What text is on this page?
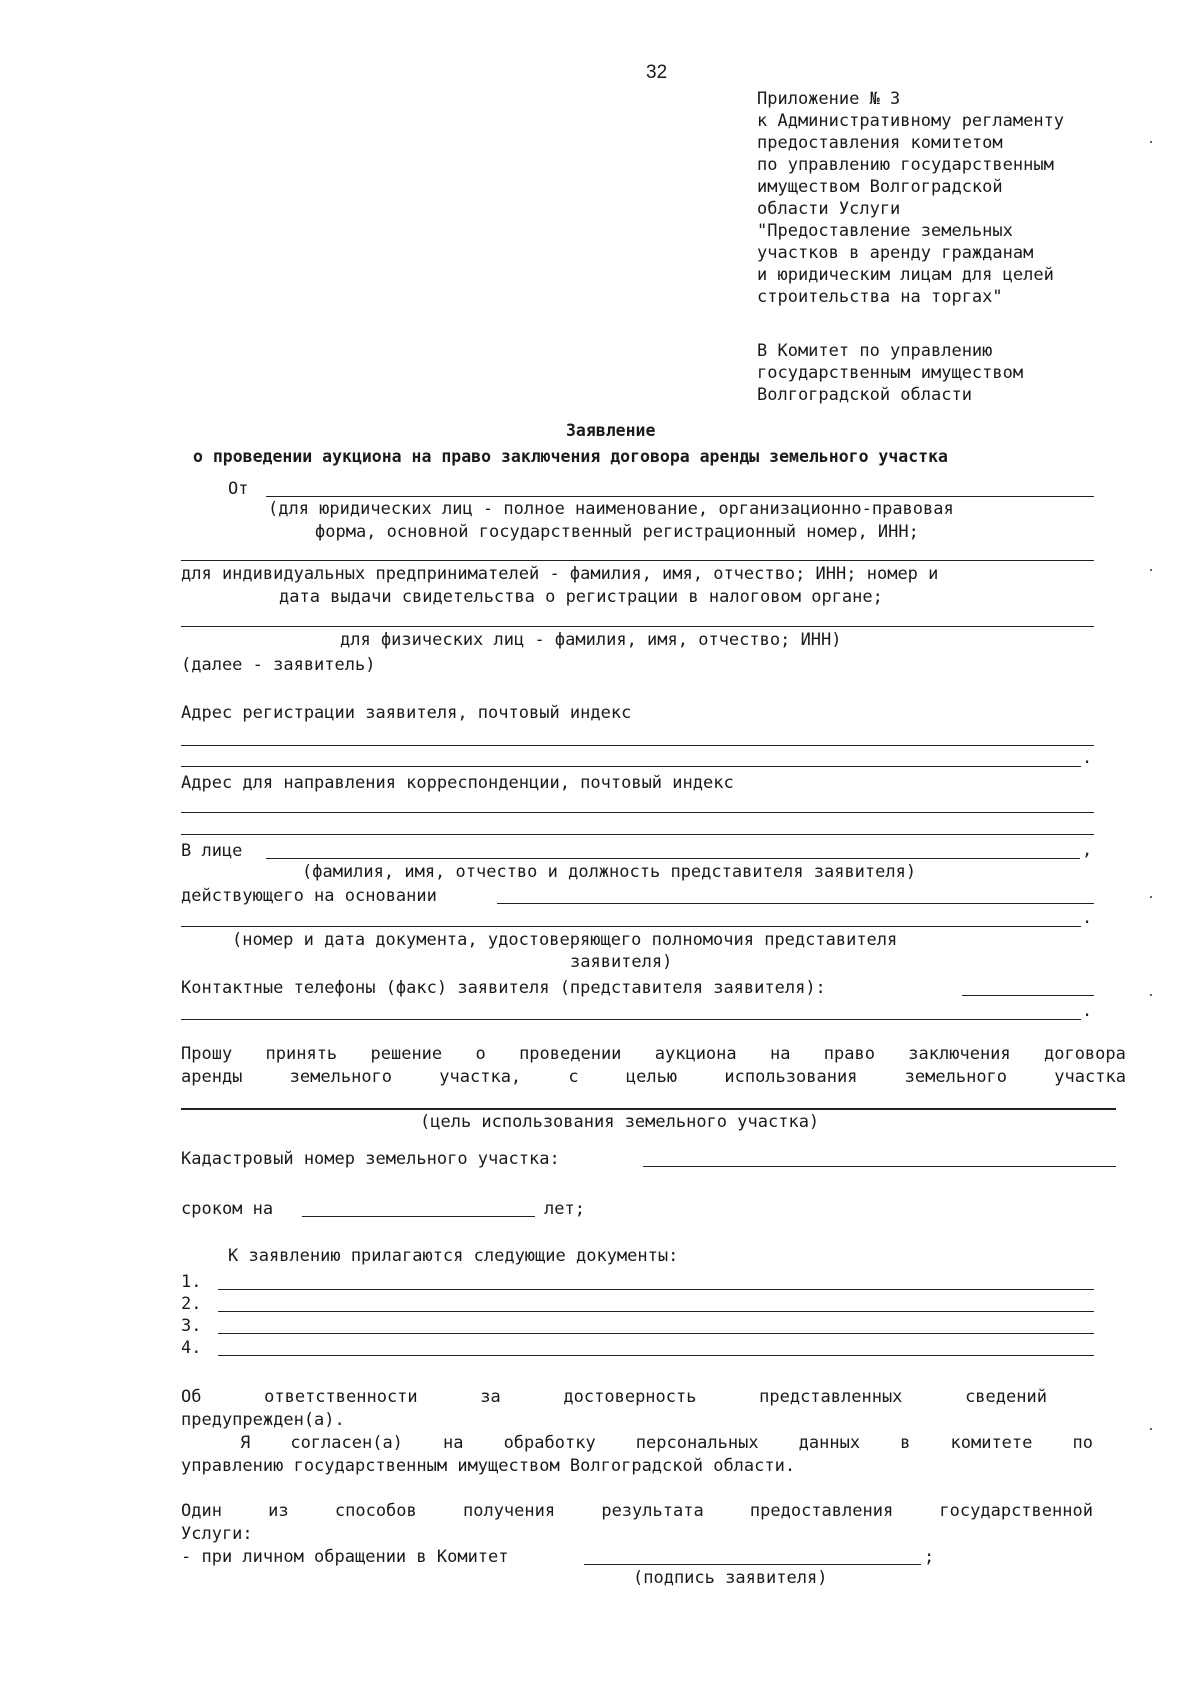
32
Приложение № 3
к Административному регламенту
предоставления комитетом
по управлению государственным
имуществом Волгоградской
области Услуги
"Предоставление земельных
участков в аренду гражданам
и юридическим лицам для целей
строительства на торгах"
В Комитет по управлению
государственным имуществом
Волгоградской области
Заявление
о проведении аукциона на право заключения договора аренды земельного участка
От
(для юридических лиц - полное наименование, организационно-правовая
форма, основной государственный регистрационный номер, ИНН;
для индивидуальных предпринимателей - фамилия, имя, отчество; ИНН; номер и
дата выдачи свидетельства о регистрации в налоговом органе;
для физических лиц - фамилия, имя, отчество; ИНН)
(далее - заявитель)
Адрес регистрации заявителя, почтовый индекс
.
Адрес для направления корреспонденции, почтовый индекс
В лице	,
(фамилия, имя, отчество и должность представителя заявителя)
действующего на основании
.
(номер и дата документа, удостоверяющего полномочия представителя
заявителя)
Контактные телефоны (факс) заявителя (представителя заявителя):
.
Прошу принять решение о проведении аукциона на право заключения договора
аренды	земельного	участка,	с	целью	использования	земельного	участка
(цель использования земельного участка)
Кадастровый номер земельного участка:
сроком на	лет;
К заявлению прилагаются следующие документы:
1.
2.
3.
4.
Об	ответственности	за	достоверность	представленных	сведений
предупрежден(а).
Я согласен(а) на обработку персональных данных в комитете по
управлению государственным имуществом Волгоградской области.
Один	из	способов	получения	результата	предоставления	государственной
Услуги:
- при личном обращении в Комитет	;
(подпись заявителя)
